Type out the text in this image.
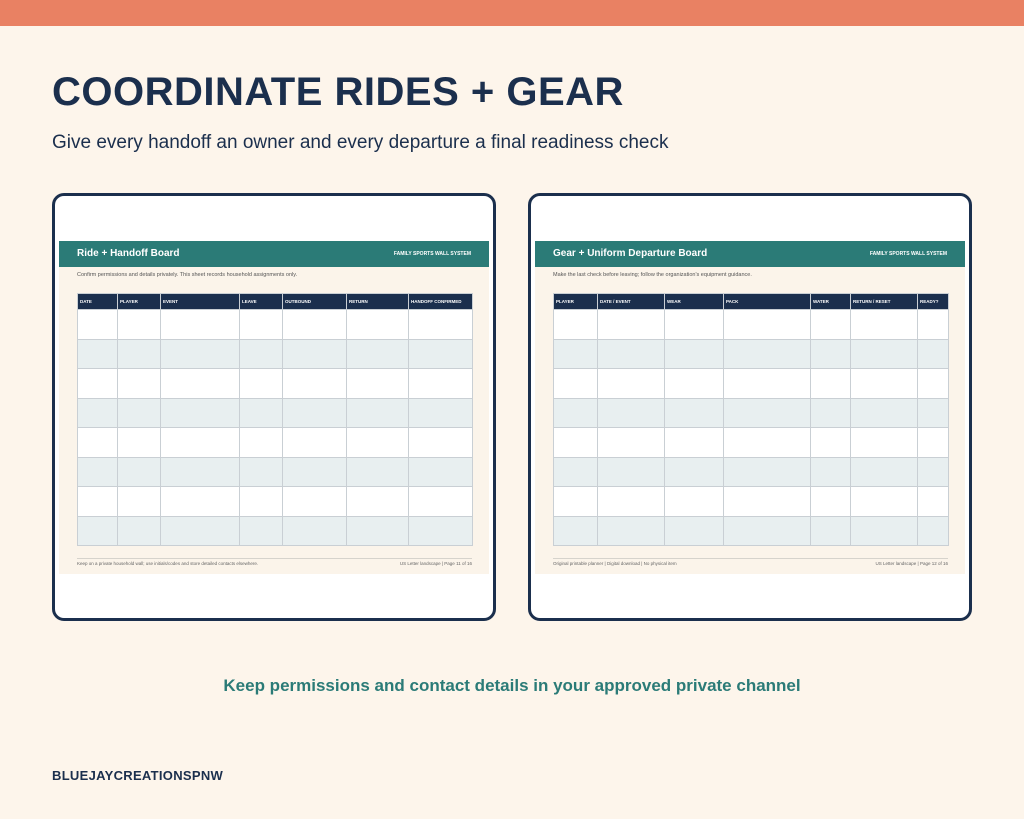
COORDINATE RIDES + GEAR

Give every handoff an owner and every departure a final readiness check

Ride + Handoff Board	FAMILY SPORTS WALL SYSTEM
Confirm permissions and details privately. This sheet records household assignments only.
DATE	PLAYER	EVENT	LEAVE	OUTBOUND	RETURN	HANDOFF CONFIRMED

Keep on a private household wall; use initials/codes and store detailed contacts elsewhere.	US Letter landscape | Page 11 of 16
Gear + Uniform Departure Board	FAMILY SPORTS WALL SYSTEM
Make the last check before leaving; follow the organization's equipment guidance.
PLAYER	DATE / EVENT	WEAR	PACK	WATER	RETURN / RESET	READY?

Original printable planner | Digital download | No physical item	US Letter landscape | Page 12 of 16

Keep permissions and contact details in your approved private channel

BLUEJAYCREATIONSPNW
